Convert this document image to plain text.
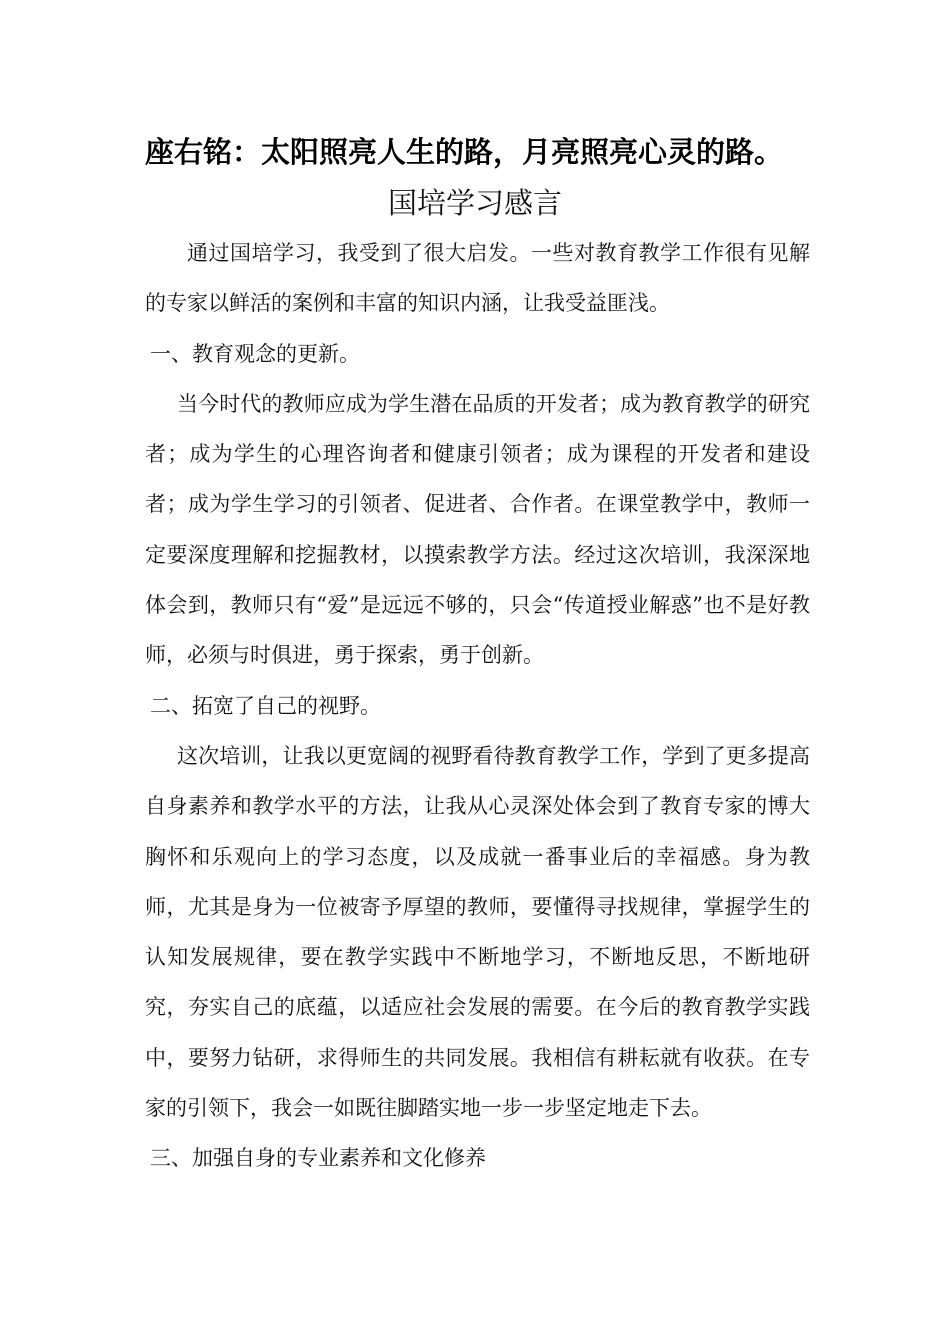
座右铭：太阳照亮人生的路，月亮照亮心灵的路。
国培学习感言

通过国培学习，我受到了很大启发。一些对教育教学工作很有见解的专家以鲜活的案例和丰富的知识内涵，让我受益匪浅。

一、教育观念的更新。

当今时代的教师应成为学生潜在品质的开发者；成为教育教学的研究者；成为学生的心理咨询者和健康引领者；成为课程的开发者和建设者；成为学生学习的引领者、促进者、合作者。在课堂教学中，教师一定要深度理解和挖掘教材，以摸索教学方法。经过这次培训，我深深地体会到，教师只有“爱”是远远不够的，只会“传道授业解惑”也不是好教师，必须与时俱进，勇于探索，勇于创新。

二、拓宽了自己的视野。

这次培训，让我以更宽阔的视野看待教育教学工作，学到了更多提高自身素养和教学水平的方法，让我从心灵深处体会到了教育专家的博大胸怀和乐观向上的学习态度，以及成就一番事业后的幸福感。身为教师，尤其是身为一位被寄予厚望的教师，要懂得寻找规律，掌握学生的认知发展规律，要在教学实践中不断地学习，不断地反思，不断地研究，夯实自己的底蕴，以适应社会发展的需要。在今后的教育教学实践中，要努力钻研，求得师生的共同发展。我相信有耕耘就有收获。在专家的引领下，我会一如既往脚踏实地一步一步坚定地走下去。

三、加强自身的专业素养和文化修养
